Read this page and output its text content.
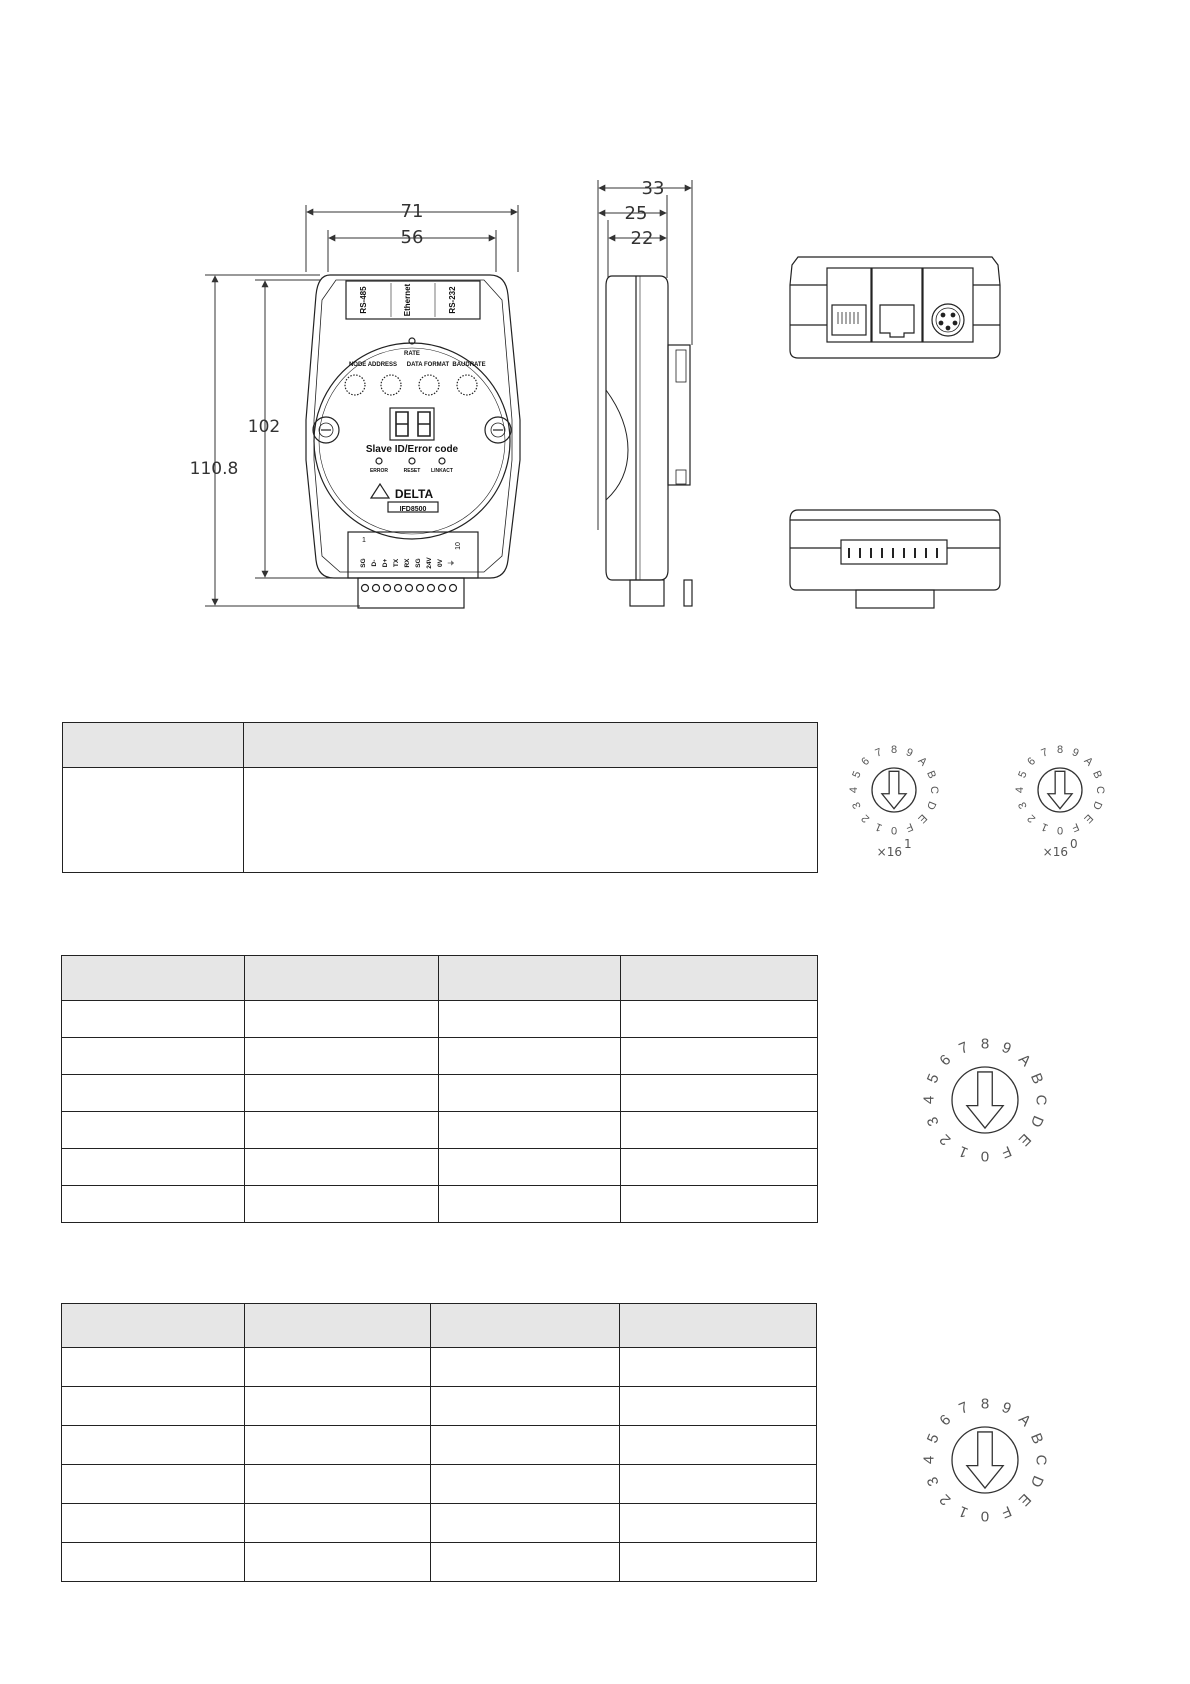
71
56
110.8
102
RS-485	Ethernet	RS-232
RATE
NODE ADDRESS DATA FORMAT BAUDRATE
Slave ID/Error code
ERROR	RESET LINKACT
DELTA
IFD8500
1
10
SG D- D+ TX RX SG 24V 0V ⏚
33
25
22

0
1
2
3
4
5
6
7 8 9
A
B
C
D
E
F
×16
1
0
1
2
3
4
5
6
7 8 9
A
B
C
D
E
F
×16
0
0
1
2
3
4
5
6
7 8 9
A
B
C
D
E
F
0
1
2
3
4
5
6
7 8 9
A
B
C
D
E
F
